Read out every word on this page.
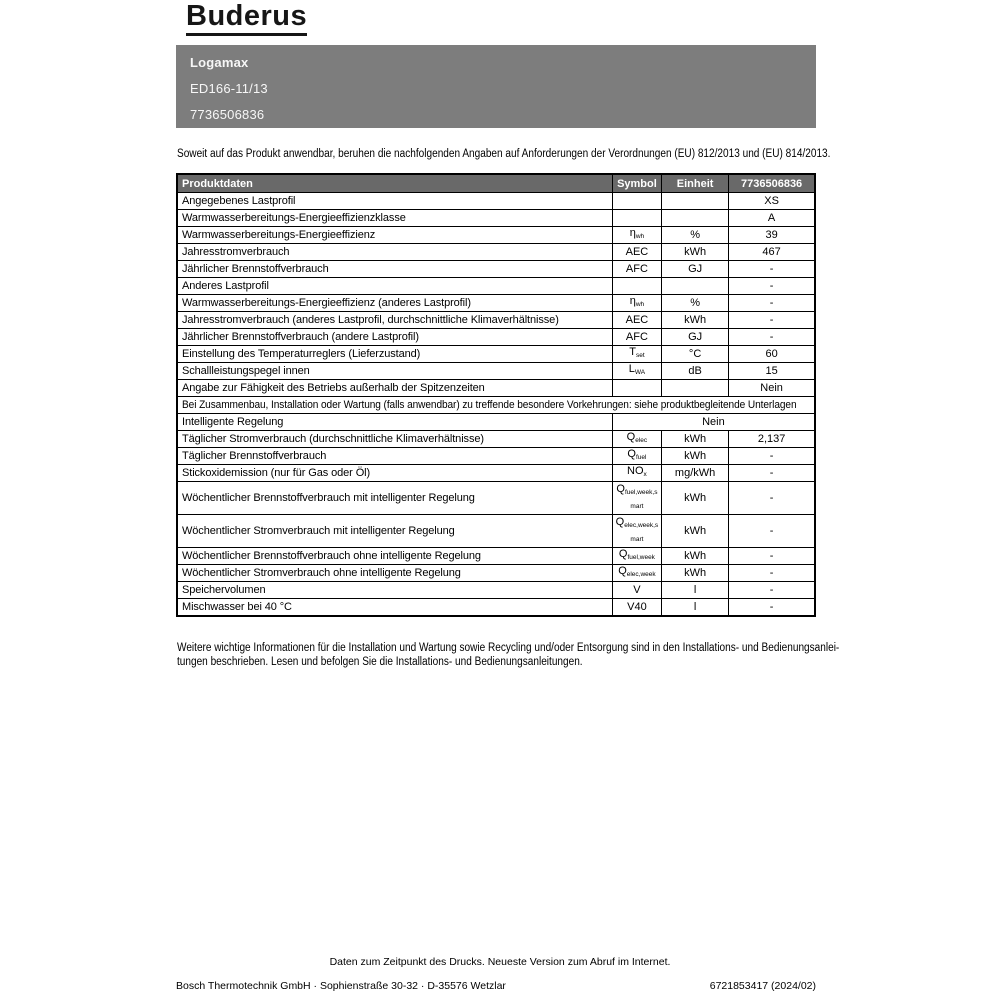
Buderus
Logamax
ED166-11/13
7736506836
Soweit auf das Produkt anwendbar, beruhen die nachfolgenden Angaben auf Anforderungen der Verordnungen (EU) 812/2013 und (EU) 814/2013.
Produktdaten	Symbol	Einheit	7736506836
Angegebenes Lastprofil			XS
Warmwasserbereitungs-Energieeffizienzklasse			A
Warmwasserbereitungs-Energieeffizienz	ηwh	%	39
Jahresstromverbrauch	AEC	kWh	467
Jährlicher Brennstoffverbrauch	AFC	GJ	-
Anderes Lastprofil			-
Warmwasserbereitungs-Energieeffizienz (anderes Lastprofil)	ηwh	%	-
Jahresstromverbrauch (anderes Lastprofil, durchschnittliche Klimaverhältnisse)	AEC	kWh	-
Jährlicher Brennstoffverbrauch (andere Lastprofil)	AFC	GJ	-
Einstellung des Temperaturreglers (Lieferzustand)	Tset	°C	60
Schallleistungspegel innen	LWA	dB	15
Angabe zur Fähigkeit des Betriebs außerhalb der Spitzenzeiten			Nein
Bei Zusammenbau, Installation oder Wartung (falls anwendbar) zu treffende besondere Vorkehrungen: siehe produktbegleitende Unterlagen			
Intelligente Regelung	Nein		
Täglicher Stromverbrauch (durchschnittliche Klimaverhältnisse)	Qelec	kWh	2,137
Täglicher Brennstoffverbrauch	Qfuel	kWh	-
Stickoxidemission (nur für Gas oder Öl)	NOx	mg/kWh	-
Wöchentlicher Brennstoffverbrauch mit intelligenter Regelung	Qfuel,week,smart	kWh	-
Wöchentlicher Stromverbrauch mit intelligenter Regelung	Qelec,week,smart	kWh	-
Wöchentlicher Brennstoffverbrauch ohne intelligente Regelung	Qfuel,week	kWh	-
Wöchentlicher Stromverbrauch ohne intelligente Regelung	Qelec,week	kWh	-
Speichervolumen	V	l	-
Mischwasser bei 40 °C	V40	l	-
Weitere wichtige Informationen für die Installation und Wartung sowie Recycling und/oder Entsorgung sind in den Installations- und Bedienungsanlei-
tungen beschrieben. Lesen und befolgen Sie die Installations- und Bedienungsanleitungen.
Daten zum Zeitpunkt des Drucks. Neueste Version zum Abruf im Internet.
Bosch Thermotechnik GmbH · Sophienstraße 30-32 · D-35576 Wetzlar	6721853417 (2024/02)
